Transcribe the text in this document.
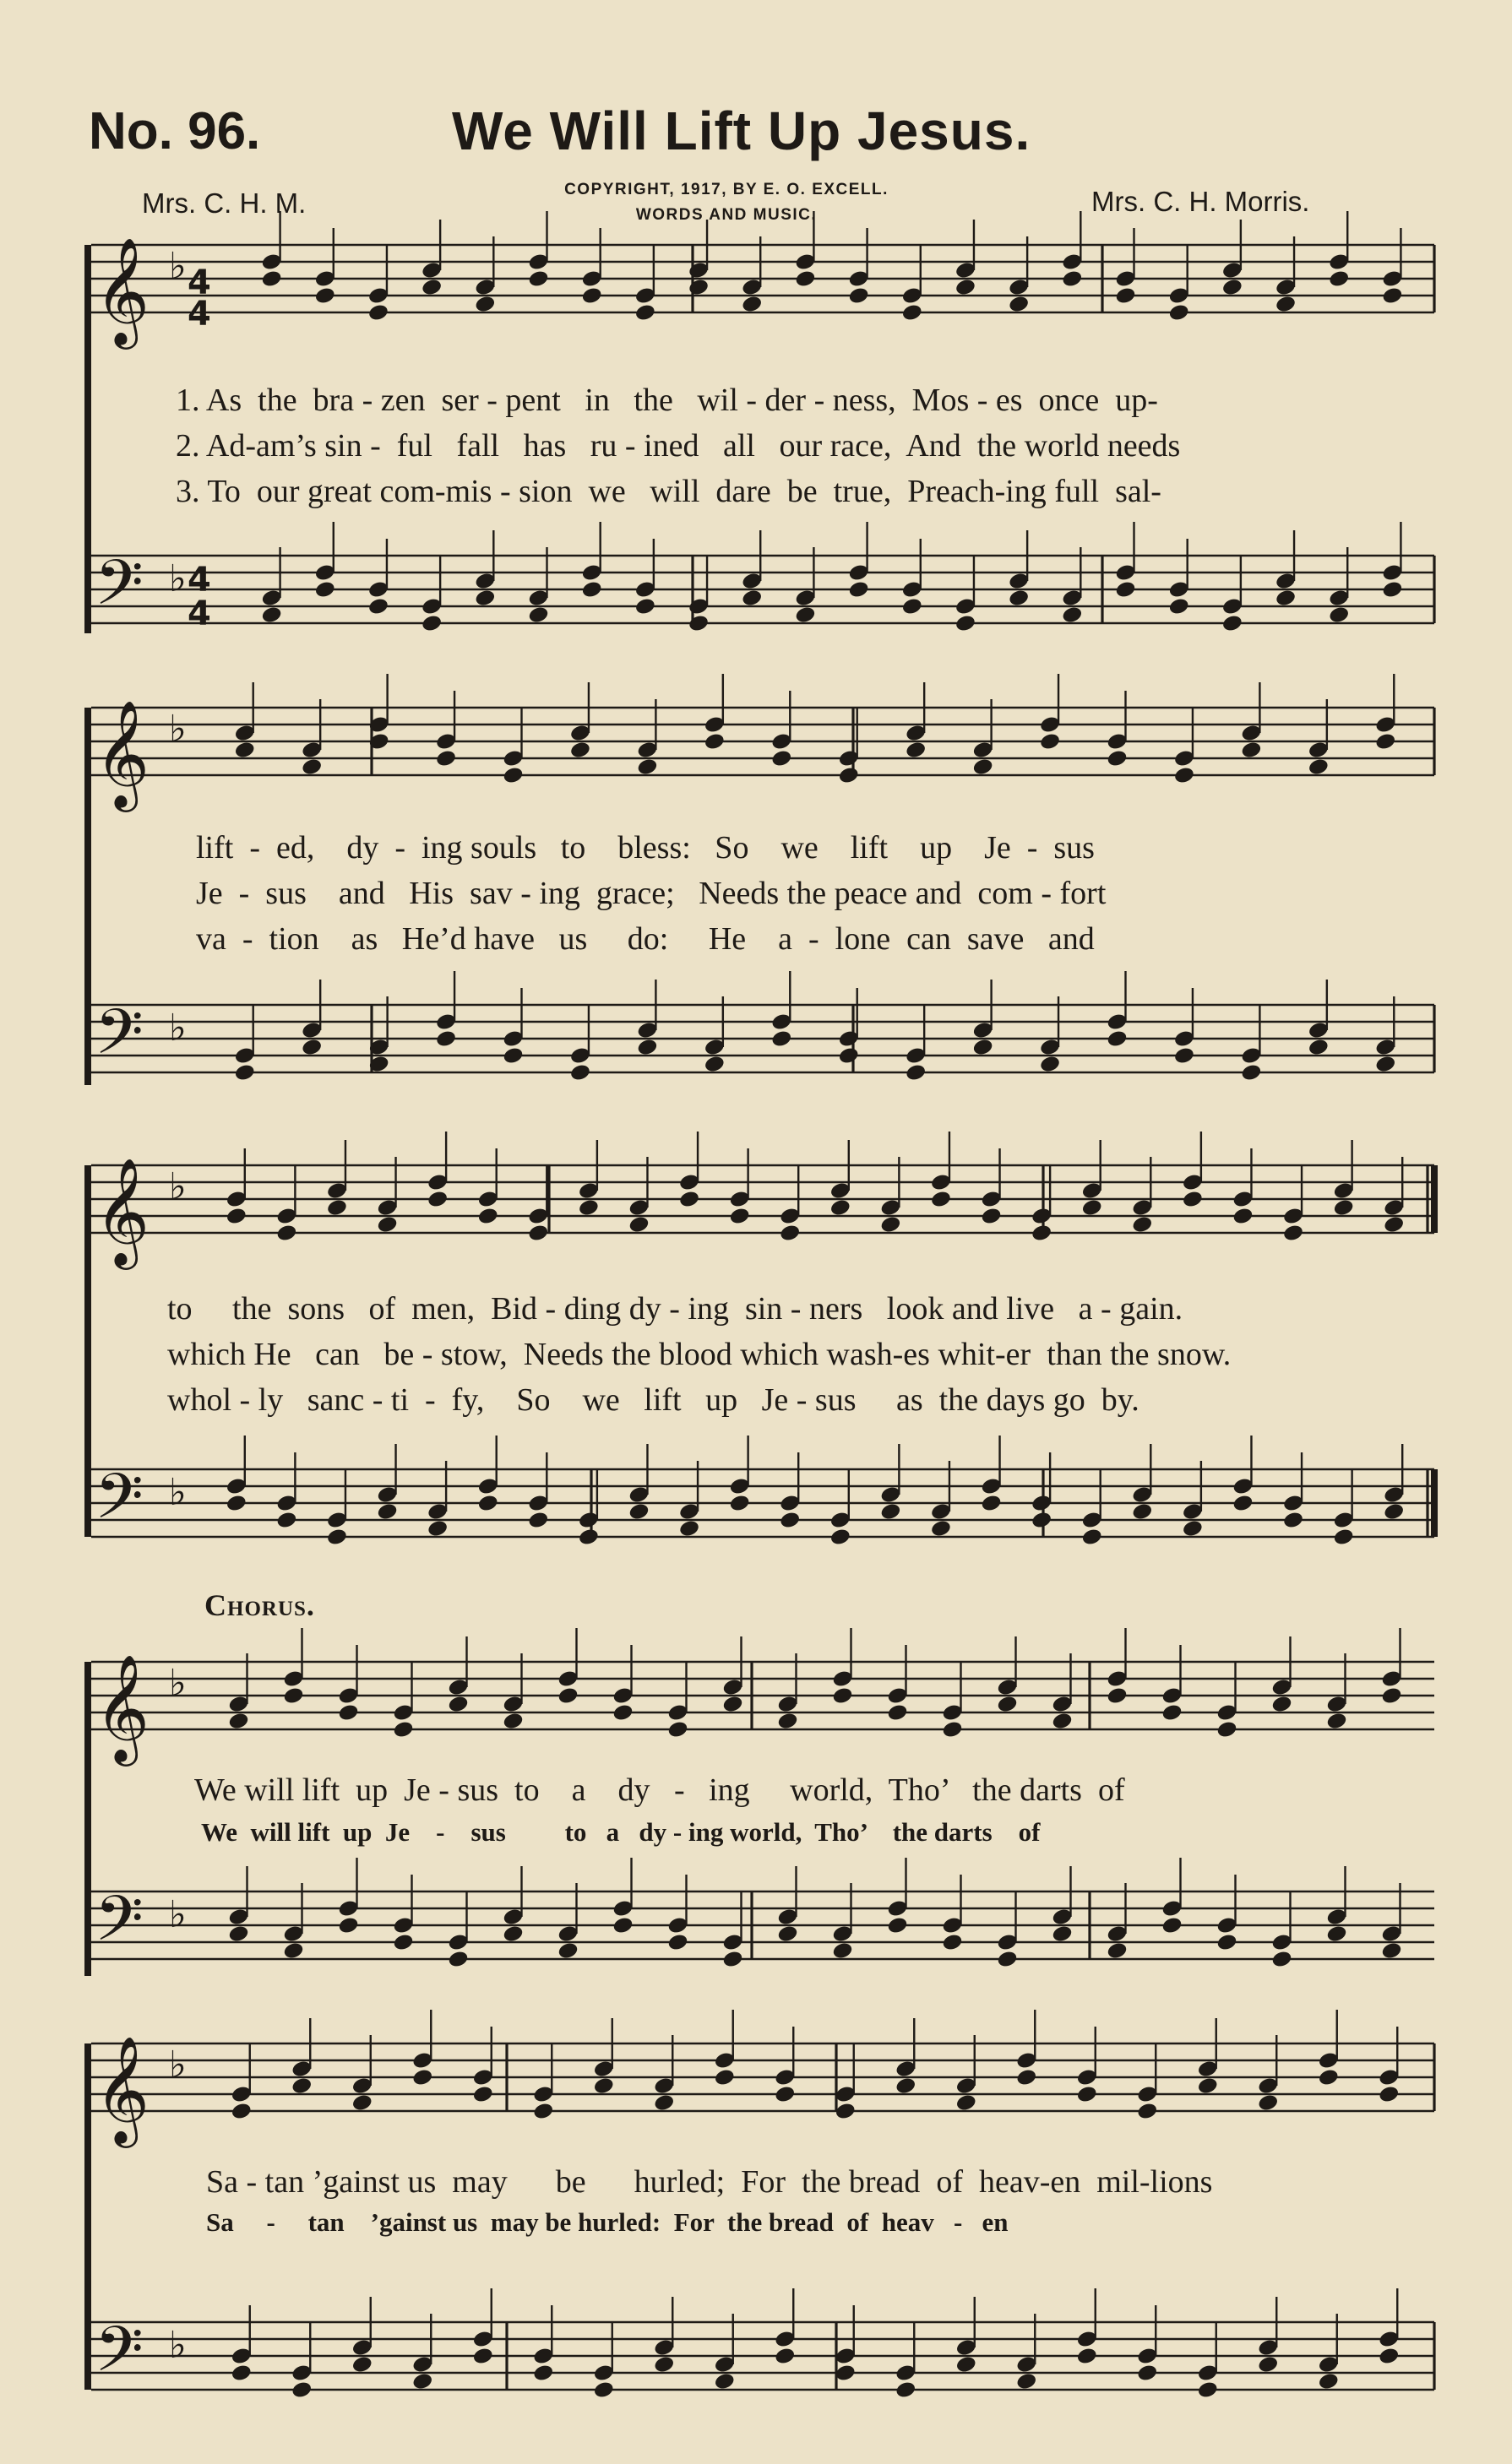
No. 96.	We Will Lift Up Jesus.
Mrs. C. H. M.	COPYRIGHT, 1917, BY E. O. EXCELL.
WORDS AND MUSIC.	Mrs. C. H. Morris.
𝄞 ♭ 4
4
𝄢 ♭ 4
4
𝄞 ♭
𝄢 ♭
𝄞 ♭
𝄢 ♭
𝄞 ♭
𝄢 ♭
𝄞 ♭
𝄢 ♭
1. As  the  bra - zen  ser - pent   in   the   wil - der - ness,  Mos - es  once  up-
2. Ad-am’s sin -  ful   fall   has   ru - ined   all   our race,  And  the world needs
3. To  our great com-mis - sion  we   will  dare  be  true,  Preach-ing full  sal-
lift  -  ed,    dy  -  ing souls   to    bless:   So    we    lift    up    Je  -  sus
Je  -  sus    and   His  sav - ing  grace;   Needs the peace and  com - fort
va  -  tion    as   He’d have   us     do:     He    a  -  lone  can  save   and
to     the  sons   of  men,  Bid - ding dy - ing  sin - ners   look and live   a - gain.
which He   can   be - stow,  Needs the blood which wash-es whit-er  than the snow.
whol - ly   sanc - ti  -  fy,    So    we   lift   up   Je - sus     as  the days go  by.
Chorus.
We will lift  up  Je - sus  to    a    dy   -   ing     world,  Tho’   the darts  of
We  will lift  up  Je    -    sus         to   a   dy - ing world,  Tho’    the darts    of
Sa - tan ’gainst us  may      be      hurled;  For  the bread  of  heav-en  mil-lions
Sa     -     tan    ’gainst us  may be hurled:  For  the bread  of  heav   -   en
